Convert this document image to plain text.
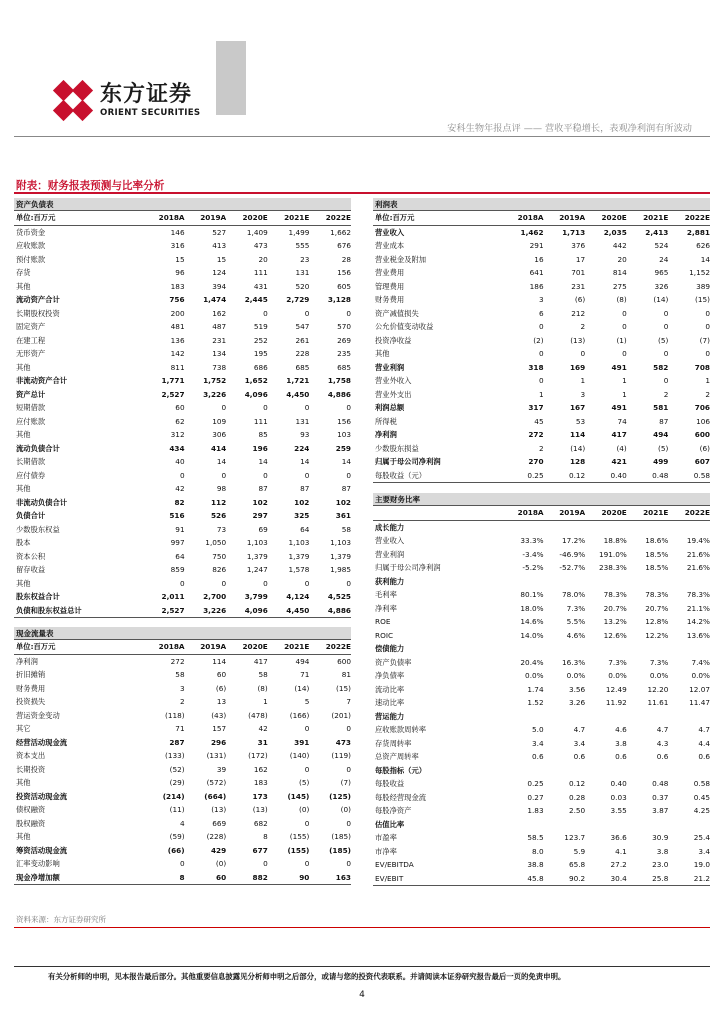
东方证券
ORIENT SECURITIES
安科生物年报点评 —— 营收平稳增长，表观净利润有所波动
附表：财务报表预测与比率分析
资产负债表
单位:百万元	2018A	2019A	2020E	2021E	2022E
货币资金	146	527	1,409	1,499	1,662
应收账款	316	413	473	555	676
预付账款	15	15	20	23	28
存货	96	124	111	131	156
其他	183	394	431	520	605
流动资产合计	756	1,474	2,445	2,729	3,128
长期股权投资	200	162	0	0	0
固定资产	481	487	519	547	570
在建工程	136	231	252	261	269
无形资产	142	134	195	228	235
其他	811	738	686	685	685
非流动资产合计	1,771	1,752	1,652	1,721	1,758
资产总计	2,527	3,226	4,096	4,450	4,886
短期借款	60	0	0	0	0
应付账款	62	109	111	131	156
其他	312	306	85	93	103
流动负债合计	434	414	196	224	259
长期借款	40	14	14	14	14
应付债券	0	0	0	0	0
其他	42	98	87	87	87
非流动负债合计	82	112	102	102	102
负债合计	516	526	297	325	361
少数股东权益	91	73	69	64	58
股本	997	1,050	1,103	1,103	1,103
资本公积	64	750	1,379	1,379	1,379
留存收益	859	826	1,247	1,578	1,985
其他	0	0	0	0	0
股东权益合计	2,011	2,700	3,799	4,124	4,525
负债和股东权益总计	2,527	3,226	4,096	4,450	4,886
现金流量表
单位:百万元	2018A	2019A	2020E	2021E	2022E
净利润	272	114	417	494	600
折旧摊销	58	60	58	71	81
财务费用	3	(6)	(8)	(14)	(15)
投资损失	2	13	1	5	7
营运资金变动	(118)	(43)	(478)	(166)	(201)
其它	71	157	42	0	0
经营活动现金流	287	296	31	391	473
资本支出	(133)	(131)	(172)	(140)	(119)
长期投资	(52)	39	162	0	0
其他	(29)	(572)	183	(5)	(7)
投资活动现金流	(214)	(664)	173	(145)	(125)
债权融资	(11)	(13)	(13)	(0)	(0)
股权融资	4	669	682	0	0
其他	(59)	(228)	8	(155)	(185)
筹资活动现金流	(66)	429	677	(155)	(185)
汇率变动影响	0	(0)	0	0	0
现金净增加额	8	60	882	90	163
利润表
单位:百万元	2018A	2019A	2020E	2021E	2022E
营业收入	1,462	1,713	2,035	2,413	2,881
营业成本	291	376	442	524	626
营业税金及附加	16	17	20	24	14
营业费用	641	701	814	965	1,152
管理费用	186	231	275	326	389
财务费用	3	(6)	(8)	(14)	(15)
资产减值损失	6	212	0	0	0
公允价值变动收益	0	2	0	0	0
投资净收益	(2)	(13)	(1)	(5)	(7)
其他	0	0	0	0	0
营业利润	318	169	491	582	708
营业外收入	0	1	1	0	1
营业外支出	1	3	1	2	2
利润总额	317	167	491	581	706
所得税	45	53	74	87	106
净利润	272	114	417	494	600
少数股东损益	2	(14)	(4)	(5)	(6)
归属于母公司净利润	270	128	421	499	607
每股收益（元）	0.25	0.12	0.40	0.48	0.58
主要财务比率
	2018A	2019A	2020E	2021E	2022E
成长能力					
营业收入	33.3%	17.2%	18.8%	18.6%	19.4%
营业利润	-3.4%	-46.9%	191.0%	18.5%	21.6%
归属于母公司净利润	-5.2%	-52.7%	238.3%	18.5%	21.6%
获利能力					
毛利率	80.1%	78.0%	78.3%	78.3%	78.3%
净利率	18.0%	7.3%	20.7%	20.7%	21.1%
ROE	14.6%	5.5%	13.2%	12.8%	14.2%
ROIC	14.0%	4.6%	12.6%	12.2%	13.6%
偿债能力					
资产负债率	20.4%	16.3%	7.3%	7.3%	7.4%
净负债率	0.0%	0.0%	0.0%	0.0%	0.0%
流动比率	1.74	3.56	12.49	12.20	12.07
速动比率	1.52	3.26	11.92	11.61	11.47
营运能力					
应收账款周转率	5.0	4.7	4.6	4.7	4.7
存货周转率	3.4	3.4	3.8	4.3	4.4
总资产周转率	0.6	0.6	0.6	0.6	0.6
每股指标（元）					
每股收益	0.25	0.12	0.40	0.48	0.58
每股经营现金流	0.27	0.28	0.03	0.37	0.45
每股净资产	1.83	2.50	3.55	3.87	4.25
估值比率					
市盈率	58.5	123.7	36.6	30.9	25.4
市净率	8.0	5.9	4.1	3.8	3.4
EV/EBITDA	38.8	65.8	27.2	23.0	19.0
EV/EBIT	45.8	90.2	30.4	25.8	21.2
资料来源：东方证券研究所
有关分析师的申明，见本报告最后部分。其他重要信息披露见分析师申明之后部分，或请与您的投资代表联系。并请阅读本证券研究报告最后一页的免责申明。
4
